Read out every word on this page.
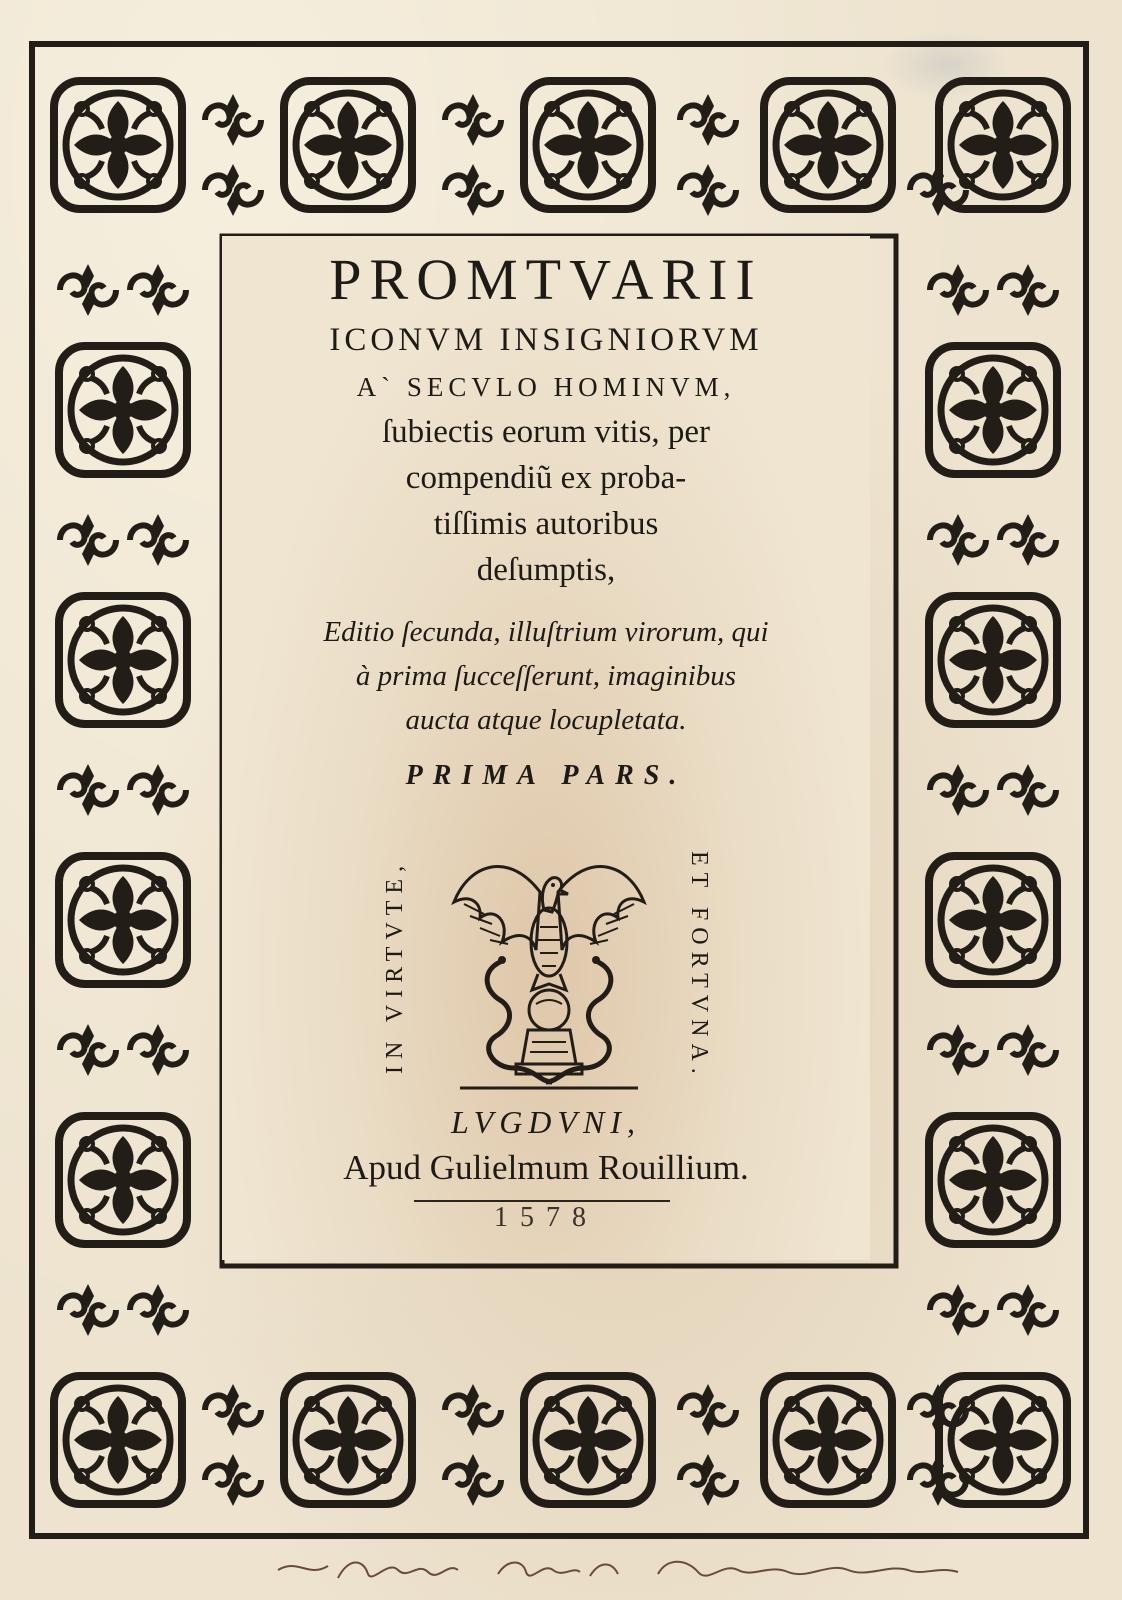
PROMTVARII
ICONVM INSIGNIORVM
A` SECVLO HOMINVM,
ſubiectis eorum vitis, per
compendiũ ex proba-
tiſſimis autoribus
deſumptis,
Editio ſecunda, illuſtrium virorum, qui
à prima ſucceſſerunt, imaginibus
aucta atque locupletata.
PRIMA PARS.
IN VIRTVTE,	ET FORTVNA.
LVGDVNI,
Apud Gulielmum Rouillium.
1578
